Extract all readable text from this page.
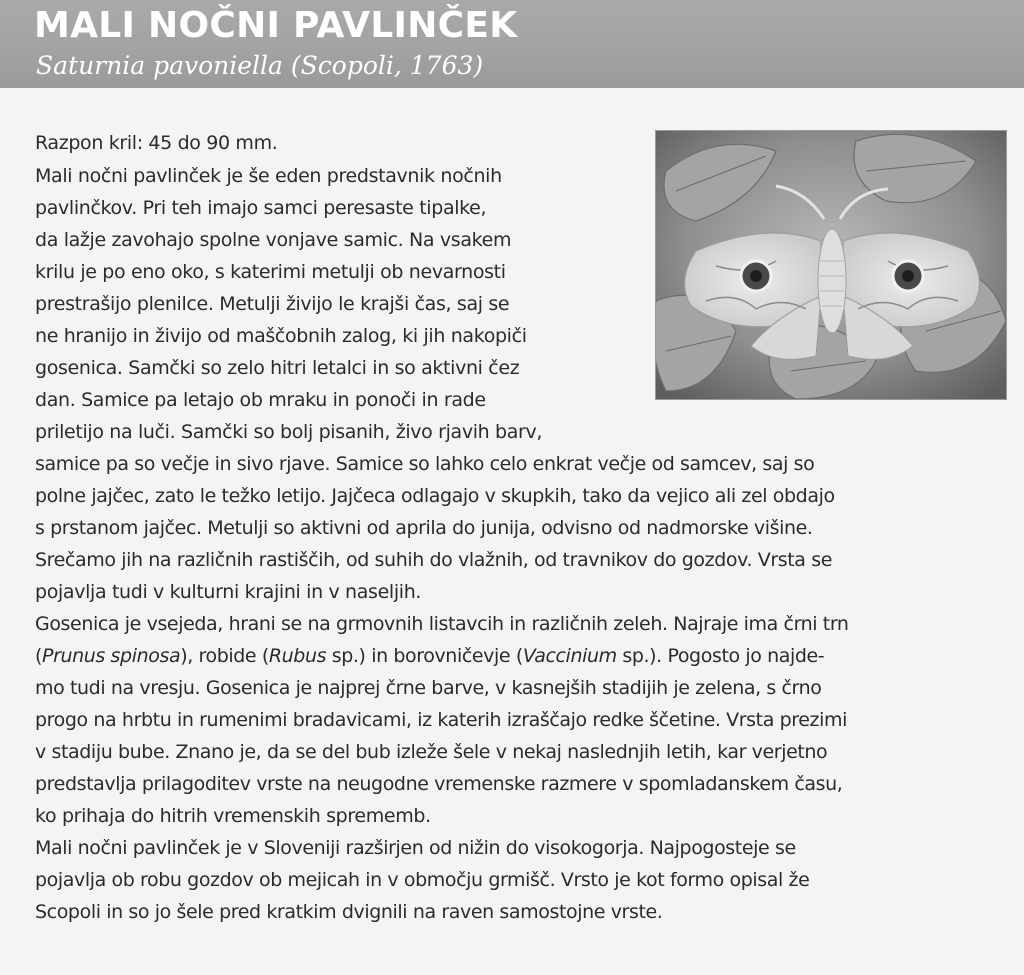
MALI NOČNI PAVLINČEK
Saturnia pavoniella (Scopoli, 1763)
Razpon kril: 45 do 90 mm.
Mali nočni pavlinček je še eden predstavnik nočnih
pavlinčkov. Pri teh imajo samci peresaste tipalke,
da lažje zavohajo spolne vonjave samic. Na vsakem
krilu je po eno oko, s katerimi metulji ob nevarnosti
prestrašijo plenilce. Metulji živijo le krajši čas, saj se
ne hranijo in živijo od maščobnih zalog, ki jih nakopiči
gosenica. Samčki so zelo hitri letalci in so aktivni čez
dan. Samice pa letajo ob mraku in ponoči in rade
priletijo na luči. Samčki so bolj pisanih, živo rjavih barv,
samice pa so večje in sivo rjave. Samice so lahko celo enkrat večje od samcev, saj so
polne jajčec, zato le težko letijo. Jajčeca odlagajo v skupkih, tako da vejico ali zel obdajo
s prstanom jajčec. Metulji so aktivni od aprila do junija, odvisno od nadmorske višine.
Srečamo jih na različnih rastiščih, od suhih do vlažnih, od travnikov do gozdov. Vrsta se
pojavlja tudi v kulturni krajini in v naseljih.
Gosenica je vsejeda, hrani se na grmovnih listavcih in različnih zeleh. Najraje ima črni trn
(Prunus spinosa), robide (Rubus sp.) in borovničevje (Vaccinium sp.). Pogosto jo najde-
mo tudi na vresju. Gosenica je najprej črne barve, v kasnejših stadijih je zelena, s črno
progo na hrbtu in rumenimi bradavicami, iz katerih izraščajo redke ščetine. Vrsta prezimi
v stadiju bube. Znano je, da se del bub izleže šele v nekaj naslednjih letih, kar verjetno
predstavlja prilagoditev vrste na neugodne vremenske razmere v spomladanskem času,
ko prihaja do hitrih vremenskih sprememb.
Mali nočni pavlinček je v Sloveniji razširjen od nižin do visokogorja. Najpogosteje se
pojavlja ob robu gozdov ob mejicah in v območju grmišč. Vrsto je kot formo opisal že
Scopoli in so jo šele pred kratkim dvignili na raven samostojne vrste.
